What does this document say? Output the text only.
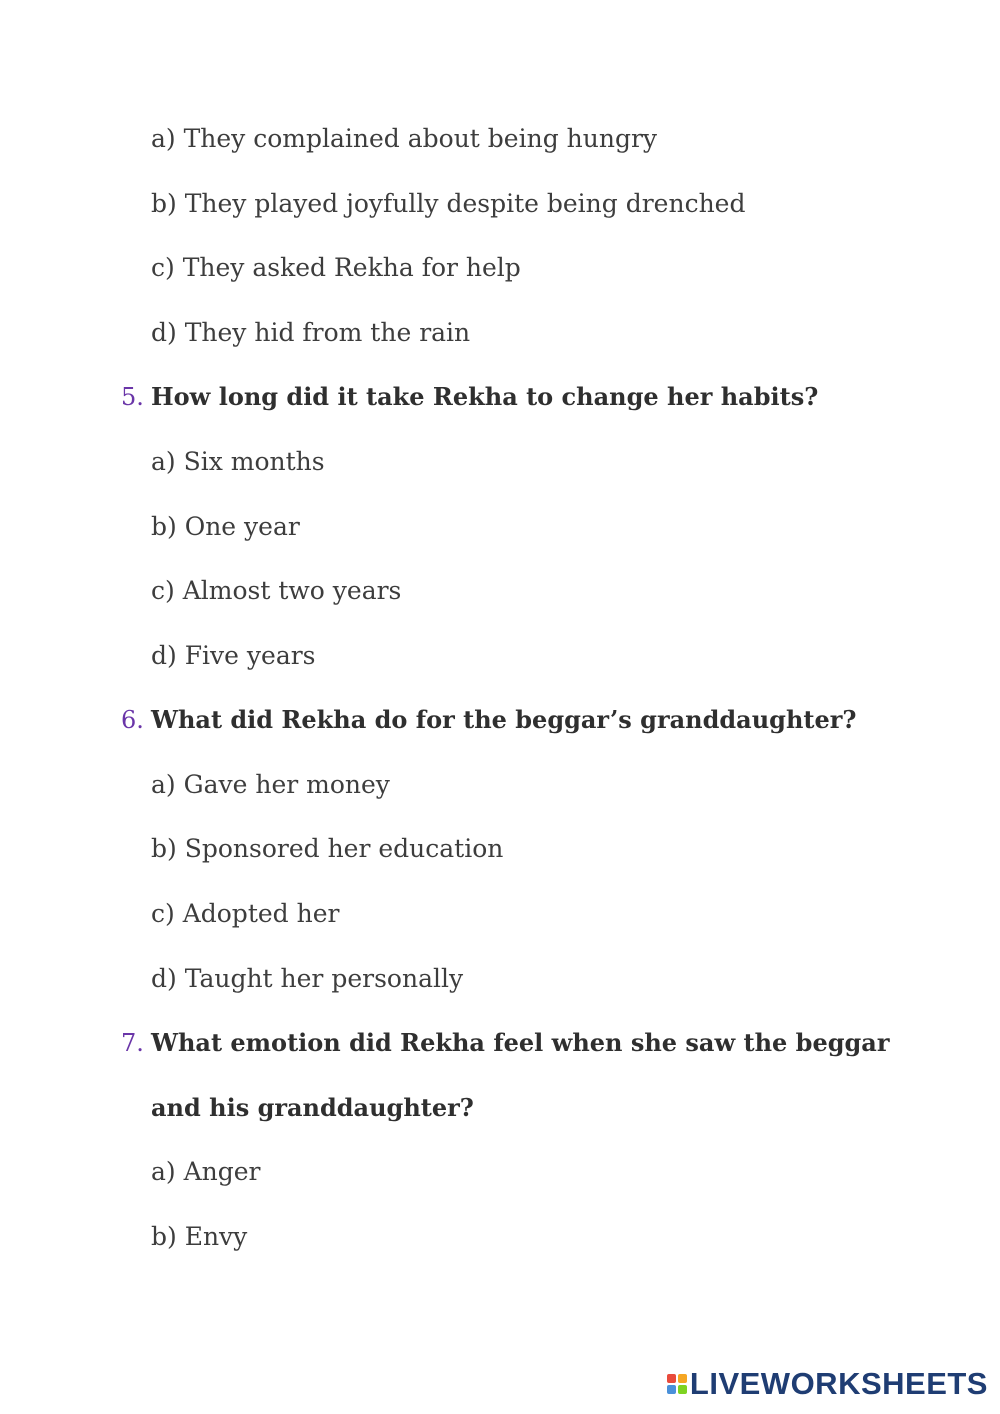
a) They complained about being hungry
b) They played joyfully despite being drenched
c) They asked Rekha for help
d) They hid from the rain
5. How long did it take Rekha to change her habits?
a) Six months
b) One year
c) Almost two years
d) Five years
6. What did Rekha do for the beggar’s granddaughter?
a) Gave her money
b) Sponsored her education
c) Adopted her
d) Taught her personally
7. What emotion did Rekha feel when she saw the beggar
and his granddaughter?
a) Anger
b) Envy
LIVEWORKSHEETS
